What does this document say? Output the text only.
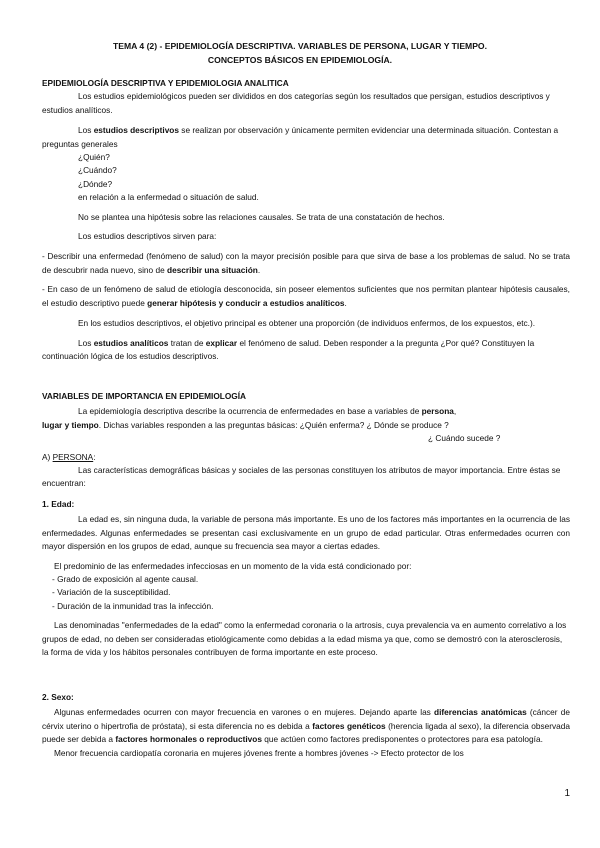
TEMA 4 (2) - EPIDEMIOLOGÍA DESCRIPTIVA. VARIABLES DE PERSONA, LUGAR Y TIEMPO.
CONCEPTOS BÁSICOS EN EPIDEMIOLOGÍA.
EPIDEMIOLOGÍA DESCRIPTIVA Y EPIDEMIOLOGIA ANALITICA
Los estudios epidemiológicos pueden ser divididos en dos categorías según los resultados que persigan, estudios descriptivos y estudios analíticos.
Los estudios descriptivos se realizan por observación y únicamente permiten evidenciar una determinada situación. Contestan a preguntas generales
¿Quién?
¿Cuándo?
¿Dónde?
en relación a la enfermedad o situación de salud.
No se plantea una hipótesis sobre las relaciones causales. Se trata de una constatación de hechos.
Los estudios descriptivos sirven para:
- Describir una enfermedad (fenómeno de salud) con la mayor precisión posible para que sirva de base a los problemas de salud. No se trata de descubrir nada nuevo, sino de describir una situación.
- En caso de un fenómeno de salud de etiología desconocida, sin poseer elementos suficientes que nos permitan plantear hipótesis causales, el estudio descriptivo puede generar hipótesis y conducir a estudios analíticos.
En los estudios descriptivos, el objetivo principal es obtener una proporción (de individuos enfermos, de los expuestos, etc.).
Los estudios analíticos tratan de explicar el fenómeno de salud. Deben responder a la pregunta ¿Por qué? Constituyen la continuación lógica de los estudios descriptivos.
VARIABLES DE IMPORTANCIA EN EPIDEMIOLOGÍA
La epidemiología descriptiva describe la ocurrencia de enfermedades en base a variables de persona,
lugar y tiempo. Dichas variables responden a las preguntas básicas: ¿Quién enferma? ¿ Dónde se produce ?
¿ Cuándo sucede ?
A) PERSONA:
Las características demográficas básicas y sociales de las personas constituyen los atributos de mayor importancia. Entre éstas se encuentran:
1. Edad:
La edad es, sin ninguna duda, la variable de persona más importante. Es uno de los factores más importantes en la ocurrencia de las enfermedades. Algunas enfermedades se presentan casi exclusivamente en un grupo de edad particular. Otras enfermedades ocurren con mayor dispersión en los grupos de edad, aunque su frecuencia sea mayor a ciertas edades.
El predominio de las enfermedades infecciosas en un momento de la vida está condicionado por:
- Grado de exposición al agente causal.
- Variación de la susceptibilidad.
- Duración de la inmunidad tras la infección.
Las denominadas "enfermedades de la edad" como la enfermedad coronaria o la artrosis, cuya prevalencia va en aumento correlativo a los grupos de edad, no deben ser consideradas etiológicamente como debidas a la edad misma ya que, como se demostró con la aterosclerosis, la forma de vida y los hábitos personales contribuyen de forma importante en este proceso.
2. Sexo:
Algunas enfermedades ocurren con mayor frecuencia en varones o en mujeres. Dejando aparte las diferencias anatómicas (cáncer de cérvix uterino o hipertrofia de próstata), si esta diferencia no es debida a factores genéticos (herencia ligada al sexo), la diferencia observada puede ser debida a factores hormonales o reproductivos que actúen como factores predisponentes o protectores para esa patología.
Menor frecuencia cardiopatía coronaria en mujeres jóvenes frente a hombres jóvenes -> Efecto protector de los
1
